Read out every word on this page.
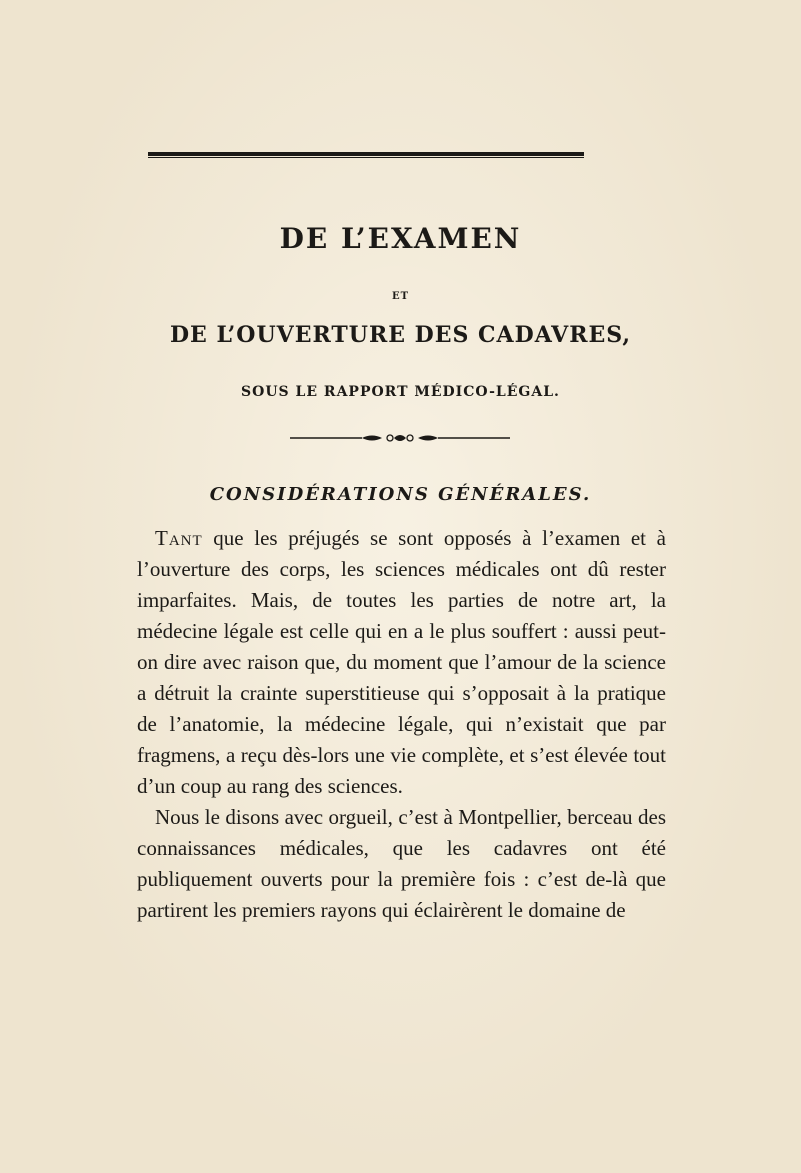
DE L’EXAMEN
ET
DE L’OUVERTURE DES CADAVRES,
SOUS LE RAPPORT MÉDICO-LÉGAL.
CONSIDÉRATIONS GÉNÉRALES.

Tant que les préjugés se sont opposés à l’examen et à l’ouverture des corps, les sciences médicales ont dû rester imparfaites. Mais, de toutes les parties de notre art, la médecine légale est celle qui en a le plus souffert : aussi peut-on dire avec raison que, du moment que l’amour de la science a détruit la crainte superstitieuse qui s’opposait à la pratique de l’anatomie, la médecine légale, qui n’existait que par fragmens, a reçu dès-lors une vie complète, et s’est élevée tout d’un coup au rang des sciences.

Nous le disons avec orgueil, c’est à Montpellier, berceau des connaissances médicales, que les cadavres ont été publiquement ouverts pour la première fois : c’est de-là que partirent les premiers rayons qui éclairèrent le domaine de
